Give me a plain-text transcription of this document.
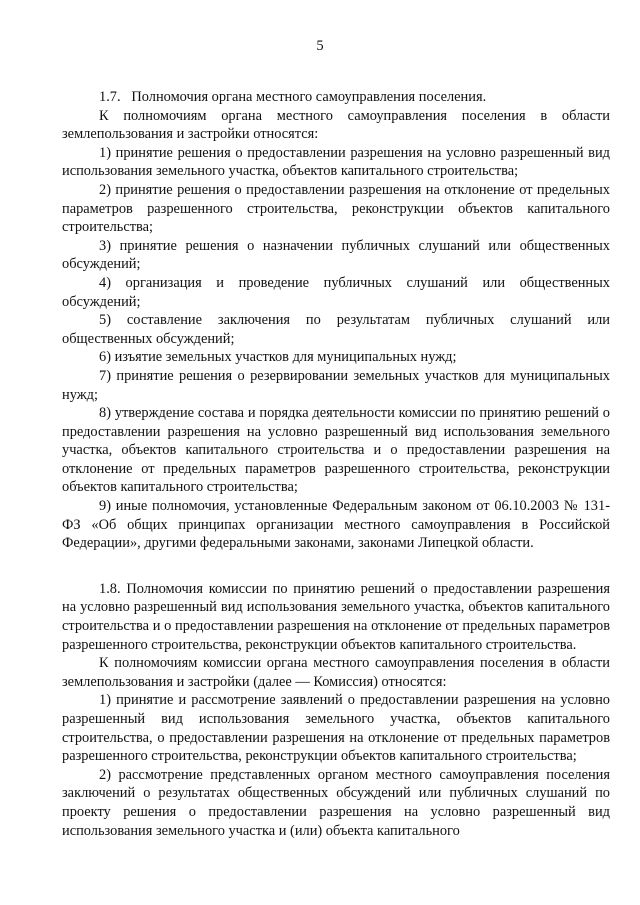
5

1.7.   Полномочия органа местного самоуправления поселения.

К полномочиям органа местного самоуправления поселения в области землепользования и застройки относятся:

1) принятие решения о предоставлении разрешения на условно разрешенный вид использования земельного участка, объектов капитального строительства;

2) принятие решения о предоставлении разрешения на отклонение от предельных параметров разрешенного строительства, реконструкции объектов капитального строительства;

3) принятие решения о назначении публичных слушаний или общественных обсуждений;

4) организация и проведение публичных слушаний или общественных обсуждений;

5) составление заключения по результатам публичных слушаний или общественных обсуждений;

6) изъятие земельных участков для муниципальных нужд;

7) принятие решения о резервировании земельных участков для муниципальных нужд;

8) утверждение состава и порядка деятельности комиссии по принятию решений о предоставлении разрешения на условно разрешенный вид использования земельного участка, объектов капитального строительства и о предоставлении разрешения на отклонение от предельных параметров разрешенного строительства, реконструкции объектов капитального строительства;

9) иные полномочия, установленные Федеральным законом от 06.10.2003 № 131-ФЗ «Об общих принципах организации местного самоуправления в Российской Федерации», другими федеральными законами, законами Липецкой области.

1.8. Полномочия комиссии по принятию решений о предоставлении разрешения на условно разрешенный вид использования земельного участка, объектов капитального строительства и о предоставлении разрешения на отклонение от предельных параметров разрешенного строительства, реконструкции объектов капитального строительства.

К полномочиям комиссии органа местного самоуправления поселения в области землепользования и застройки (далее — Комиссия) относятся:

1) принятие и рассмотрение заявлений о предоставлении разрешения на условно разрешенный вид использования земельного участка, объектов капитального строительства, о предоставлении разрешения на отклонение от предельных параметров разрешенного строительства, реконструкции объектов капитального строительства;

2) рассмотрение представленных органом местного самоуправления поселения заключений о результатах общественных обсуждений или публичных слушаний по проекту решения о предоставлении разрешения на условно разрешенный вид использования земельного участка и (или) объекта капитального
